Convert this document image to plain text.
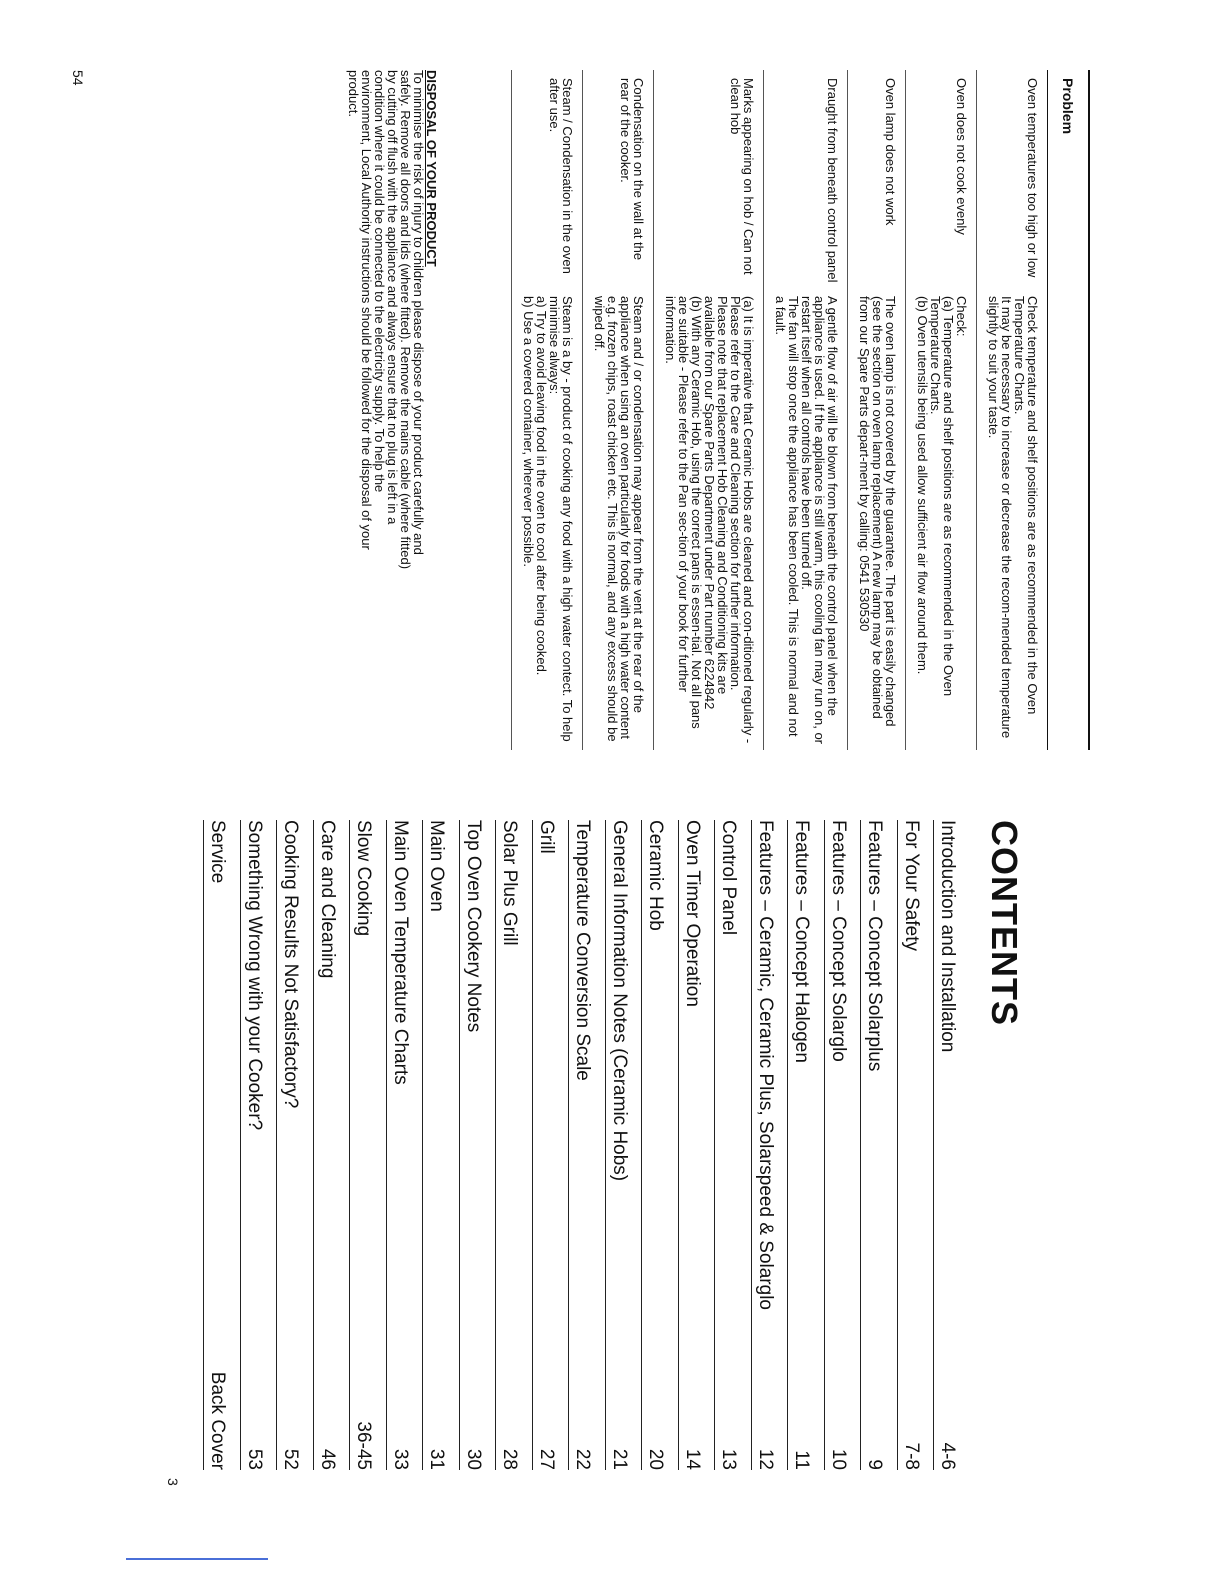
Problem
Oven temperatures too high or low
Check temperature and shelf positions are as recommended in the Oven Temperature Charts.
It may be necessary to increase or decrease the recom-mended temperature slightly to suit your taste.
Oven does not cook evenly
Check:
(a) Temperature and shelf positions are as recommended in the Oven Temperature Charts.
(b) Oven utensils being used allow sufficient air flow around them.
Oven lamp does not work
The oven lamp is not covered by the guarantee. The part is easily changed (see the section on oven lamp replacement) A new lamp may be obtained from our Spare Parts depart-ment by calling: 0541 530530
Draught from beneath control panel
A gentle flow of air will be blown from beneath the control panel when the appliance is used. If the appliance is still warm, this cooling fan may run on, or restart itself when all controls have been turned off.
The fan will stop once the appliance has been cooled. This is normal and not a fault.
Marks appearing on hob / Can not clean hob
(a) It is imperative that Ceramic Hobs are cleaned and con-ditioned regularly - Please refer to the Care and Cleaning section for further information.
Please note that replacement Hob Cleaning and Conditioning kits are available from our Spare Parts Department under Part number 6224842
(b) With any Ceramic Hob, using the correct pans is essen-tial. Not all pans are suitable - Please refer to the Pan sec-tion of your book for further information.
Condensation on the wall at the rear of the cooker.
Steam and / or condensation may appear from the vent at the rear of the appliance when using an oven particularly for foods with a high water content e.g. frozen chips, roast chicken etc. This is normal, and any excess should be wiped off.
Steam / Condensation in the oven after use.
Steam is a by - product of cooking any food with a high water contect. To help minimise always:
a) Try to avoid leaving food in the oven to cool after being cooked.
b) Use a covered container, wherever possible.
DISPOSAL OF YOUR PRODUCT
To minimise the risk of injury to children please dispose of your product carefully and safely. Remove all doors and lids (where fitted). Remove the mains cable (where fitted) by cutting off flush with the appliance and always ensure that no plug is left in a condition where it could be connected to the electricity supply. To help the environment, Local Authority instructions should be followed for the disposal of your product.
54
CONTENTS
Introduction and Installation
4-6
For Your Safety
7-8
Features – Concept Solarplus
9
Features – Concept Solarglo
10
Features – Concept Halogen
11
Features – Ceramic, Ceramic Plus, Solarspeed & Solarglo
12
Control Panel
13
Oven Timer Operation
14
Ceramic Hob
20
General Information Notes (Ceramic Hobs)
21
Temperature Conversion Scale
22
Grill
27
Solar Plus Grill
28
Top Oven Cookery Notes
30
Main Oven
31
Main Oven Temperature Charts
33
Slow Cooking
36-45
Care and Cleaning
46
Cooking Results Not Satisfactory?
52
Something Wrong with your Cooker?
53
Service
Back Cover
3
